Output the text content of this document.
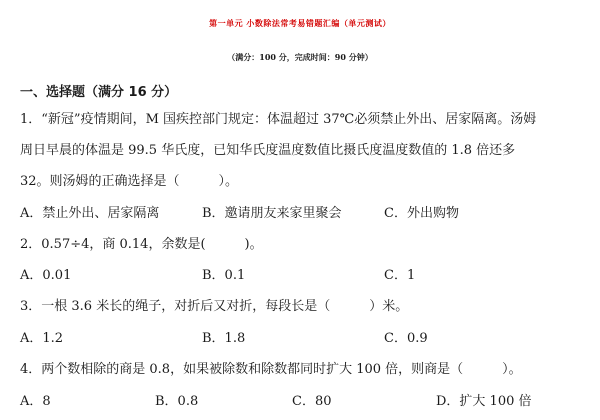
第一单元 小数除法常考易错题汇编（单元测试）
（满分：100 分，完成时间：90 分钟）
一、选择题（满分 16 分）
1．“新冠”疫情期间，M 国疾控部门规定：体温超过 37℃必须禁止外出、居家隔离。汤姆
周日早晨的体温是 99.5 华氏度，已知华氏度温度数值比摄氏度温度数值的 1.8 倍还多
32。则汤姆的正确选择是（　　　）。
A．禁止外出、居家隔离	B．邀请朋友来家里聚会	C．外出购物
2．0.57÷4，商 0.14，余数是(　　　)。
A．0.01	B．0.1	C．1
3．一根 3.6 米长的绳子，对折后又对折，每段长是（　　　）米。
A．1.2	B．1.8	C．0.9
4．两个数相除的商是 0.8，如果被除数和除数都同时扩大 100 倍，则商是（　　　）。
A．8	B．0.8	C．80	D．扩大 100 倍
